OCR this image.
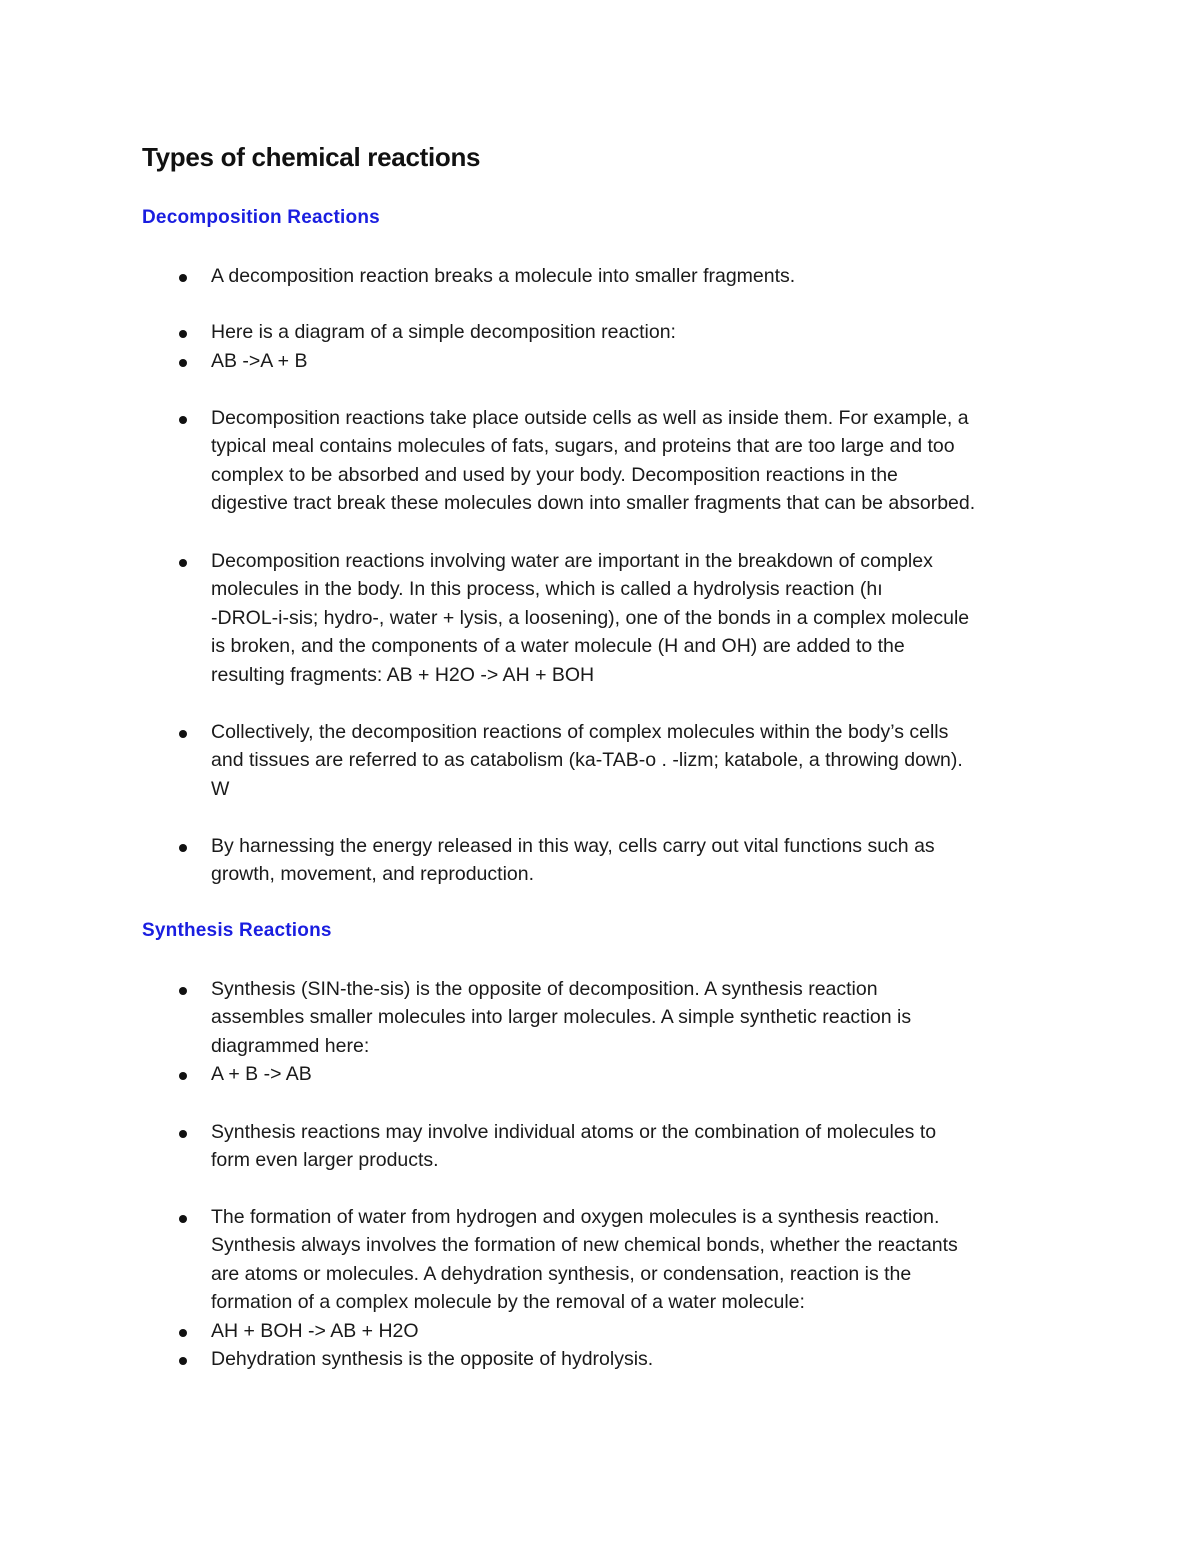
Types of chemical reactions
Decomposition Reactions

A decomposition reaction breaks a molecule into smaller fragments.

Here is a diagram of a simple decomposition reaction:

AB ->A + B

Decomposition reactions take place outside cells as well as inside them. For example, a
typical meal contains molecules of fats, sugars, and proteins that are too large and too
complex to be absorbed and used by your body. Decomposition reactions in the
digestive tract break these molecules down into smaller fragments that can be absorbed.

Decomposition reactions involving water are important in the breakdown of complex
molecules in the body. In this process, which is called a hydrolysis reaction (hı
-DROL-i-sis; hydro-, water + lysis, a loosening), one of the bonds in a complex molecule
is broken, and the components of a water molecule (H and OH) are added to the
resulting fragments: AB + H2O -> AH + BOH

Collectively, the decomposition reactions of complex molecules within the body’s cells
and tissues are referred to as catabolism (ka-TAB-o . -lizm; katabole, a throwing down).
W

By harnessing the energy released in this way, cells carry out vital functions such as
growth, movement, and reproduction.

Synthesis Reactions

Synthesis (SIN-the-sis) is the opposite of decomposition. A synthesis reaction
assembles smaller molecules into larger molecules. A simple synthetic reaction is
diagrammed here:

A + B -> AB

Synthesis reactions may involve individual atoms or the combination of molecules to
form even larger products.

The formation of water from hydrogen and oxygen molecules is a synthesis reaction.
Synthesis always involves the formation of new chemical bonds, whether the reactants
are atoms or molecules. A dehydration synthesis, or condensation, reaction is the
formation of a complex molecule by the removal of a water molecule:

AH + BOH -> AB + H2O

Dehydration synthesis is the opposite of hydrolysis.
